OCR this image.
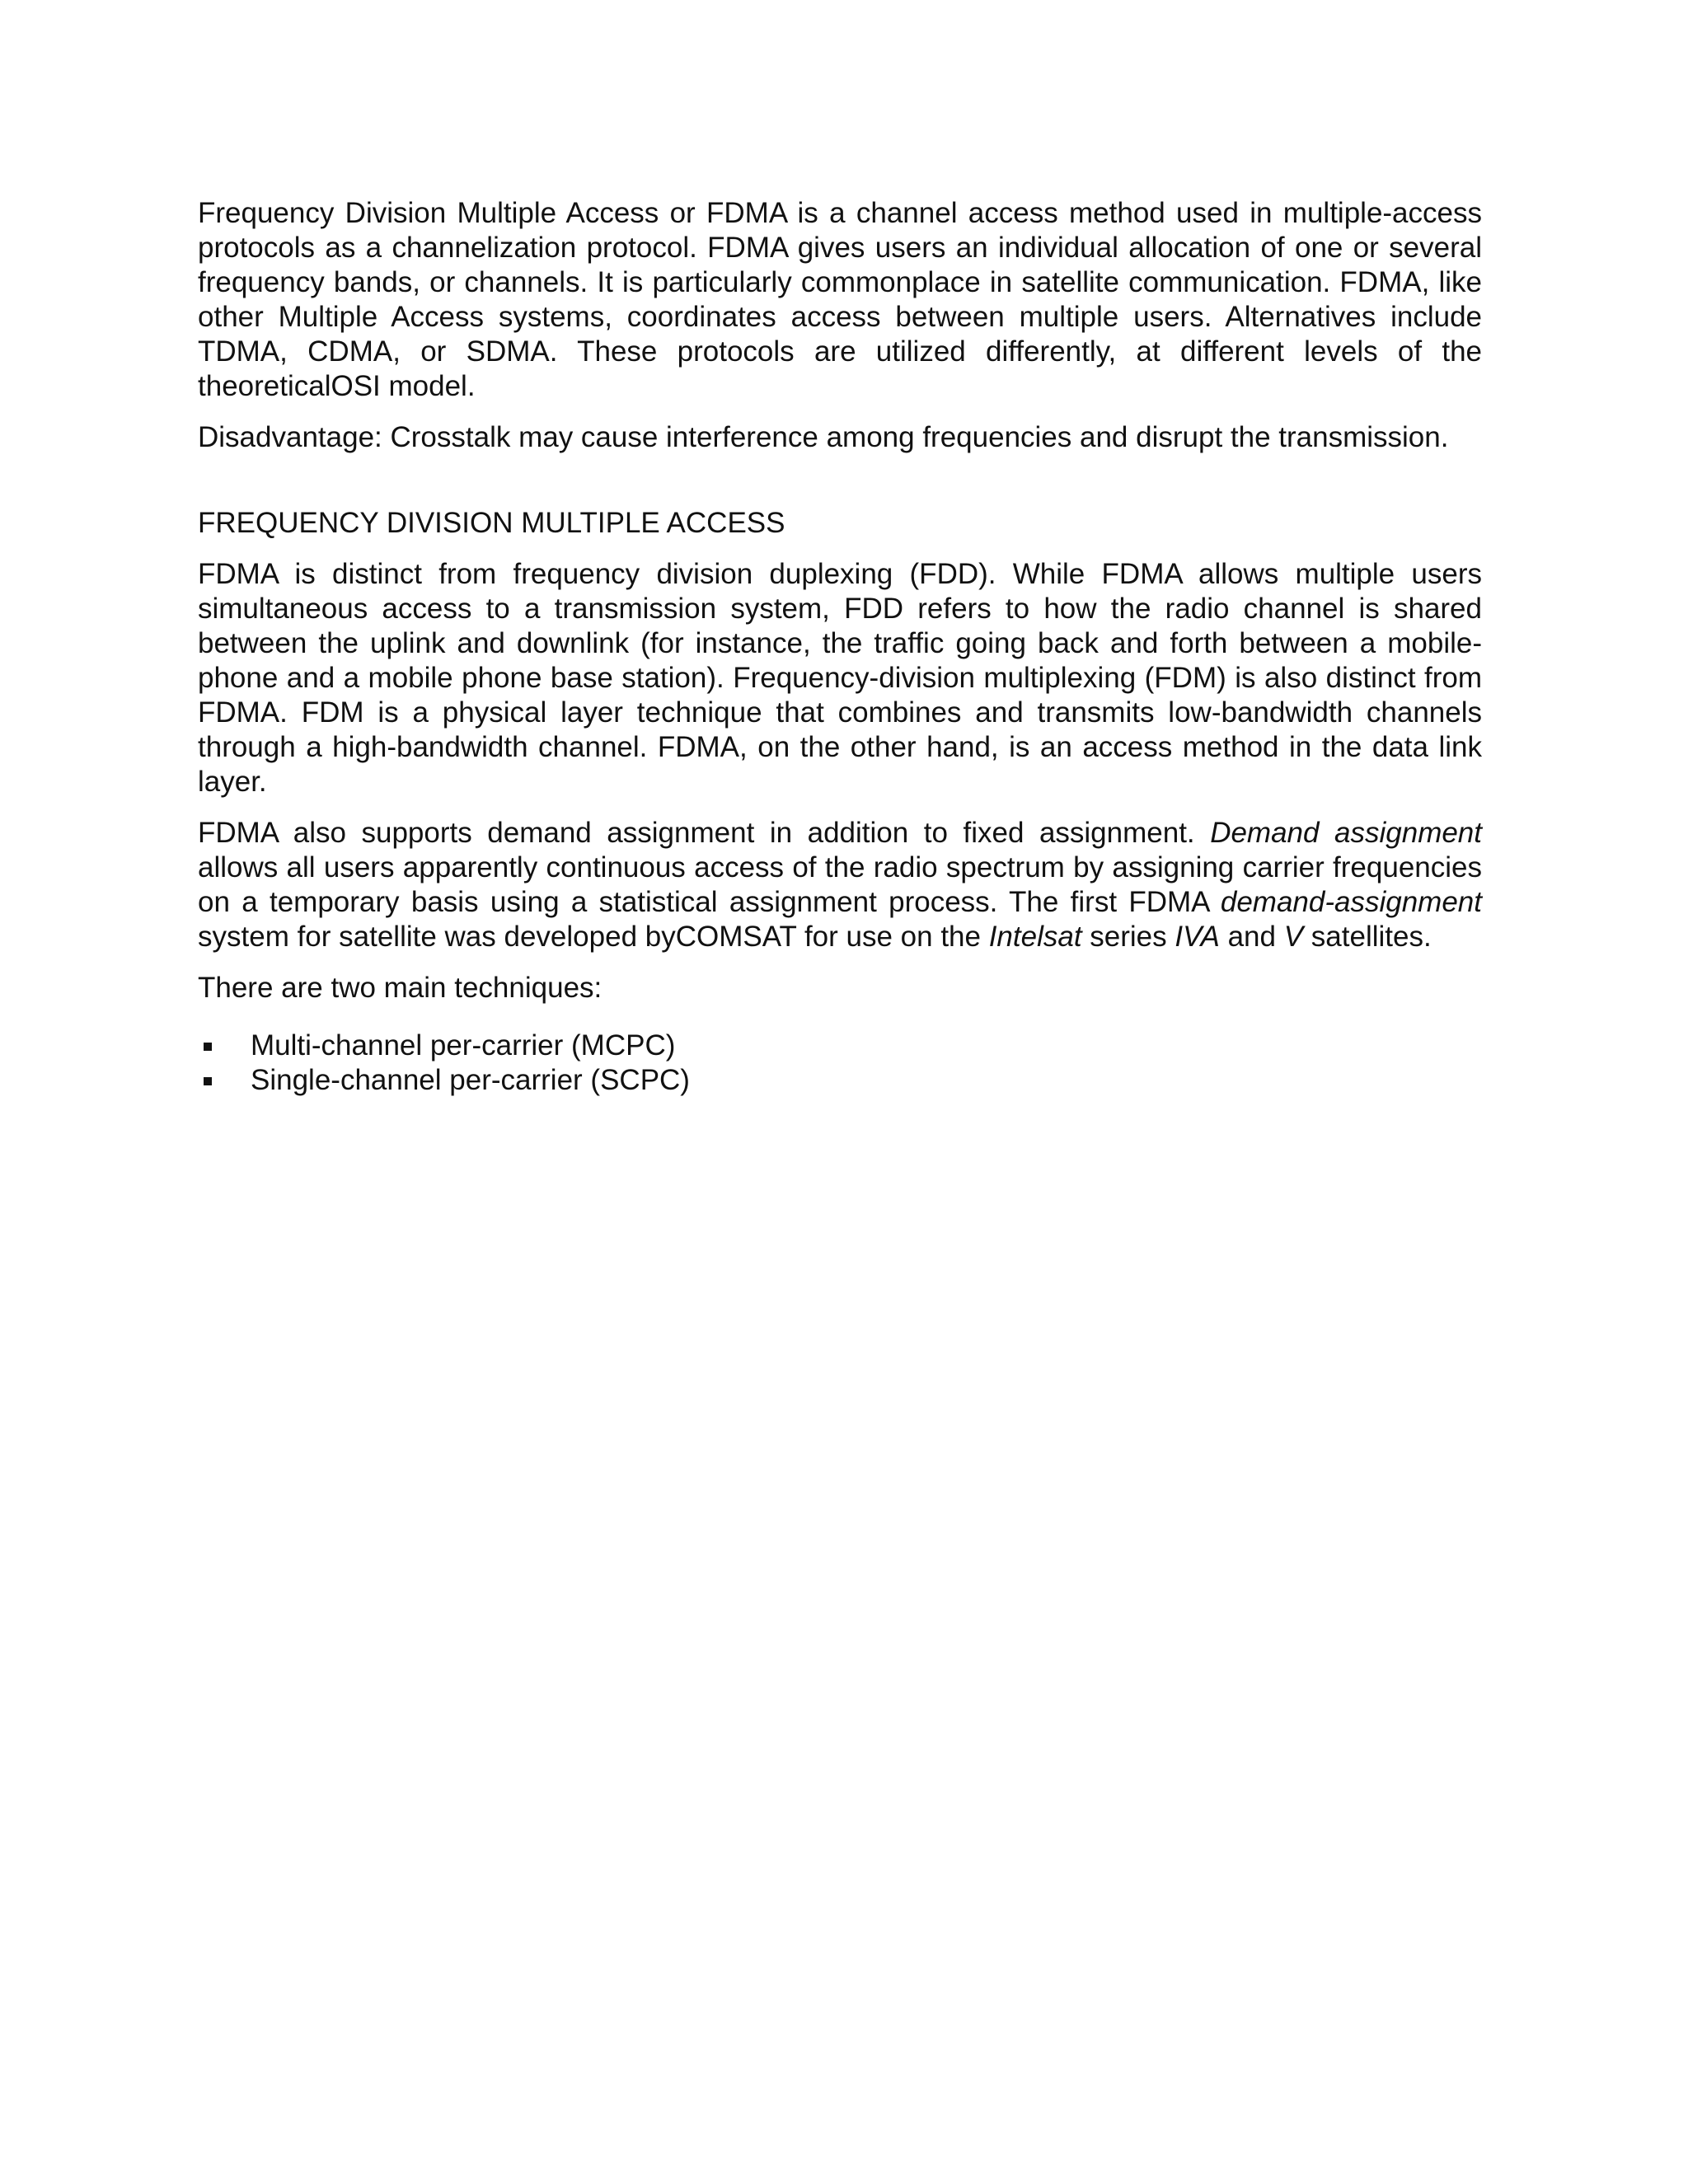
Frequency Division Multiple Access or FDMA is a channel access method used in multiple-access protocols as a channelization protocol. FDMA gives users an individual allocation of one or several frequency bands, or channels. It is particularly commonplace in satellite communication. FDMA, like other Multiple Access systems, coordinates access between multiple users. Alternatives include TDMA, CDMA, or SDMA. These protocols are utilized differently, at different levels of the theoreticalOSI model.

Disadvantage: Crosstalk may cause interference among frequencies and disrupt the transmission.

FREQUENCY DIVISION MULTIPLE ACCESS

FDMA is distinct from frequency division duplexing (FDD). While FDMA allows multiple users simultaneous access to a transmission system, FDD refers to how the radio channel is shared between the uplink and downlink (for instance, the traffic going back and forth between a mobile-phone and a mobile phone base station). Frequency-division multiplexing (FDM) is also distinct from FDMA. FDM is a physical layer technique that combines and transmits low-bandwidth channels through a high-bandwidth channel. FDMA, on the other hand, is an access method in the data link layer.

FDMA also supports demand assignment in addition to fixed assignment. Demand assignment allows all users apparently continuous access of the radio spectrum by assigning carrier frequencies on a temporary basis using a statistical assignment process. The first FDMA demand-assignment system for satellite was developed byCOMSAT for use on the Intelsat series IVA and V satellites.

There are two main techniques:

Multi-channel per-carrier (MCPC)
Single-channel per-carrier (SCPC)
